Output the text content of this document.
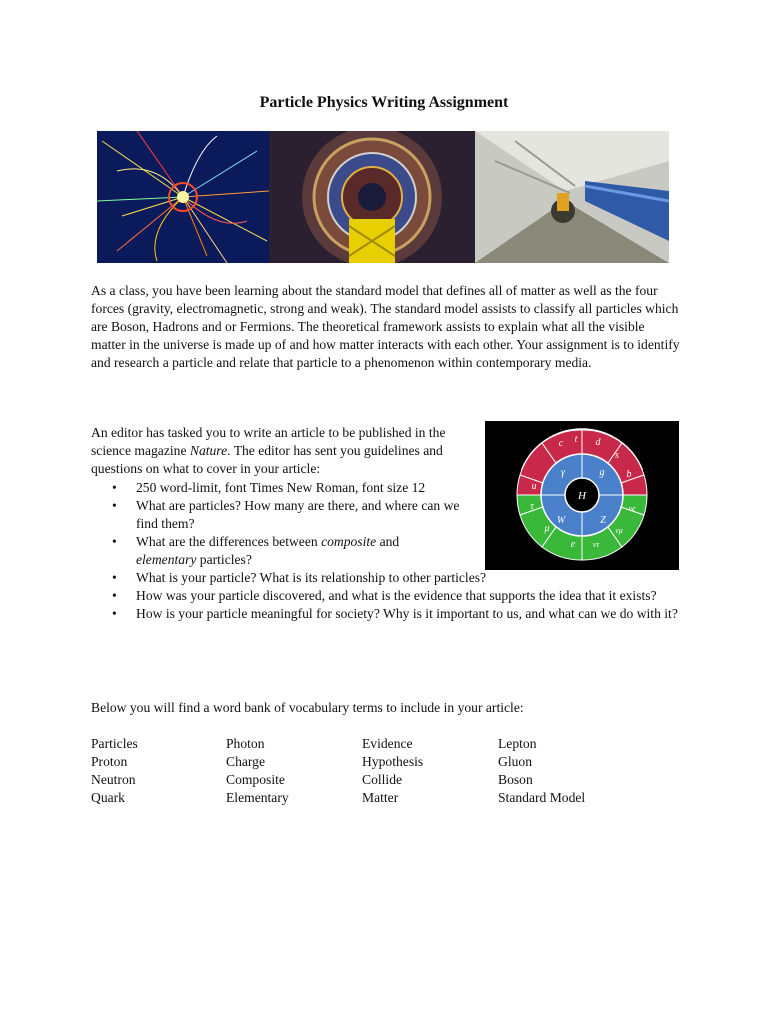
Particle Physics Writing Assignment

As a class, you have been learning about the standard model that defines all of matter as well as the four forces (gravity, electromagnetic, strong and weak). The standard model assists to classify all particles which are Boson, Hadrons and or Fermions. The theoretical framework assists to explain what all the visible matter in the universe is made up of and how matter interacts with each other. Your assignment is to identify and research a particle and relate that particle to a phenomenon within contemporary media.

An editor has tasked you to write an article to be published in the science magazine Nature. The editor has sent you guidelines and questions on what to cover in your article:

• 250 word-limit, font Times New Roman, font size 12
• What are particles? How many are there, and where can we find them?
• What are the differences between composite and
elementary particles?
• What is your particle? What is its relationship to other particles?
• How was your particle discovered, and what is the evidence that supports the idea that it exists?
• How is your particle meaningful for society? Why is it important to us, and what can we do with it?
H
c t d
s
b
u
γ	g
W	Z
τ
μ
e ντ
νμ
νe

Below you will find a word bank of vocabulary terms to include in your article:

Particles	Photon	Evidence	Lepton
Proton	Charge	Hypothesis	Gluon
Neutron	Composite	Collide	Boson
Quark	Elementary	Matter	Standard Model
